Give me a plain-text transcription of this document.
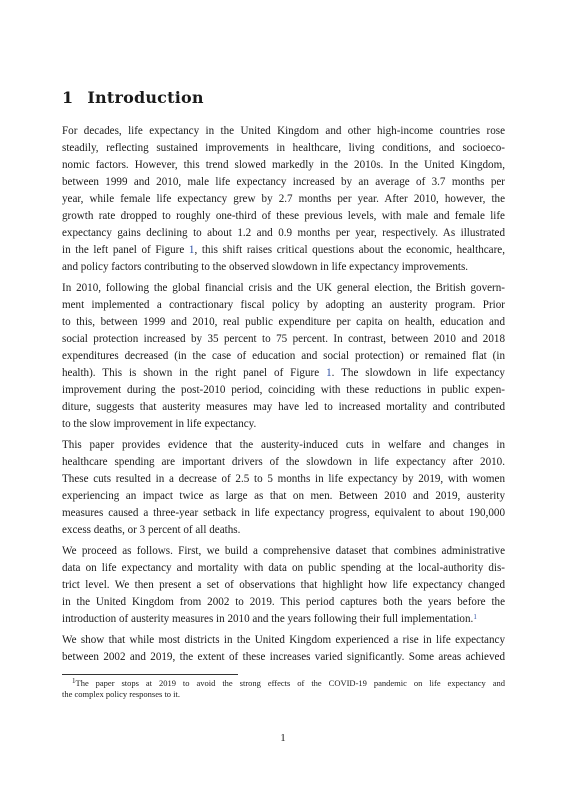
1 Introduction
For decades, life expectancy in the United Kingdom and other high-income countries rose
steadily, reflecting sustained improvements in healthcare, living conditions, and socioeco-
nomic factors. However, this trend slowed markedly in the 2010s. In the United Kingdom,
between 1999 and 2010, male life expectancy increased by an average of 3.7 months per
year, while female life expectancy grew by 2.7 months per year. After 2010, however, the
growth rate dropped to roughly one-third of these previous levels, with male and female life
expectancy gains declining to about 1.2 and 0.9 months per year, respectively. As illustrated
in the left panel of Figure 1, this shift raises critical questions about the economic, healthcare,
and policy factors contributing to the observed slowdown in life expectancy improvements.
In 2010, following the global financial crisis and the UK general election, the British govern-
ment implemented a contractionary fiscal policy by adopting an austerity program. Prior
to this, between 1999 and 2010, real public expenditure per capita on health, education and
social protection increased by 35 percent to 75 percent. In contrast, between 2010 and 2018
expenditures decreased (in the case of education and social protection) or remained flat (in
health). This is shown in the right panel of Figure 1. The slowdown in life expectancy
improvement during the post-2010 period, coinciding with these reductions in public expen-
diture, suggests that austerity measures may have led to increased mortality and contributed
to the slow improvement in life expectancy.
This paper provides evidence that the austerity-induced cuts in welfare and changes in
healthcare spending are important drivers of the slowdown in life expectancy after 2010.
These cuts resulted in a decrease of 2.5 to 5 months in life expectancy by 2019, with women
experiencing an impact twice as large as that on men. Between 2010 and 2019, austerity
measures caused a three-year setback in life expectancy progress, equivalent to about 190,000
excess deaths, or 3 percent of all deaths.
We proceed as follows. First, we build a comprehensive dataset that combines administrative
data on life expectancy and mortality with data on public spending at the local-authority dis-
trict level. We then present a set of observations that highlight how life expectancy changed
in the United Kingdom from 2002 to 2019. This period captures both the years before the
introduction of austerity measures in 2010 and the years following their full implementation.$^1$
We show that while most districts in the United Kingdom experienced a rise in life expectancy
between 2002 and 2019, the extent of these increases varied significantly. Some areas achieved
$^1$The paper stops at 2019 to avoid the strong effects of the COVID-19 pandemic on life expectancy and
the complex policy responses to it.
1
